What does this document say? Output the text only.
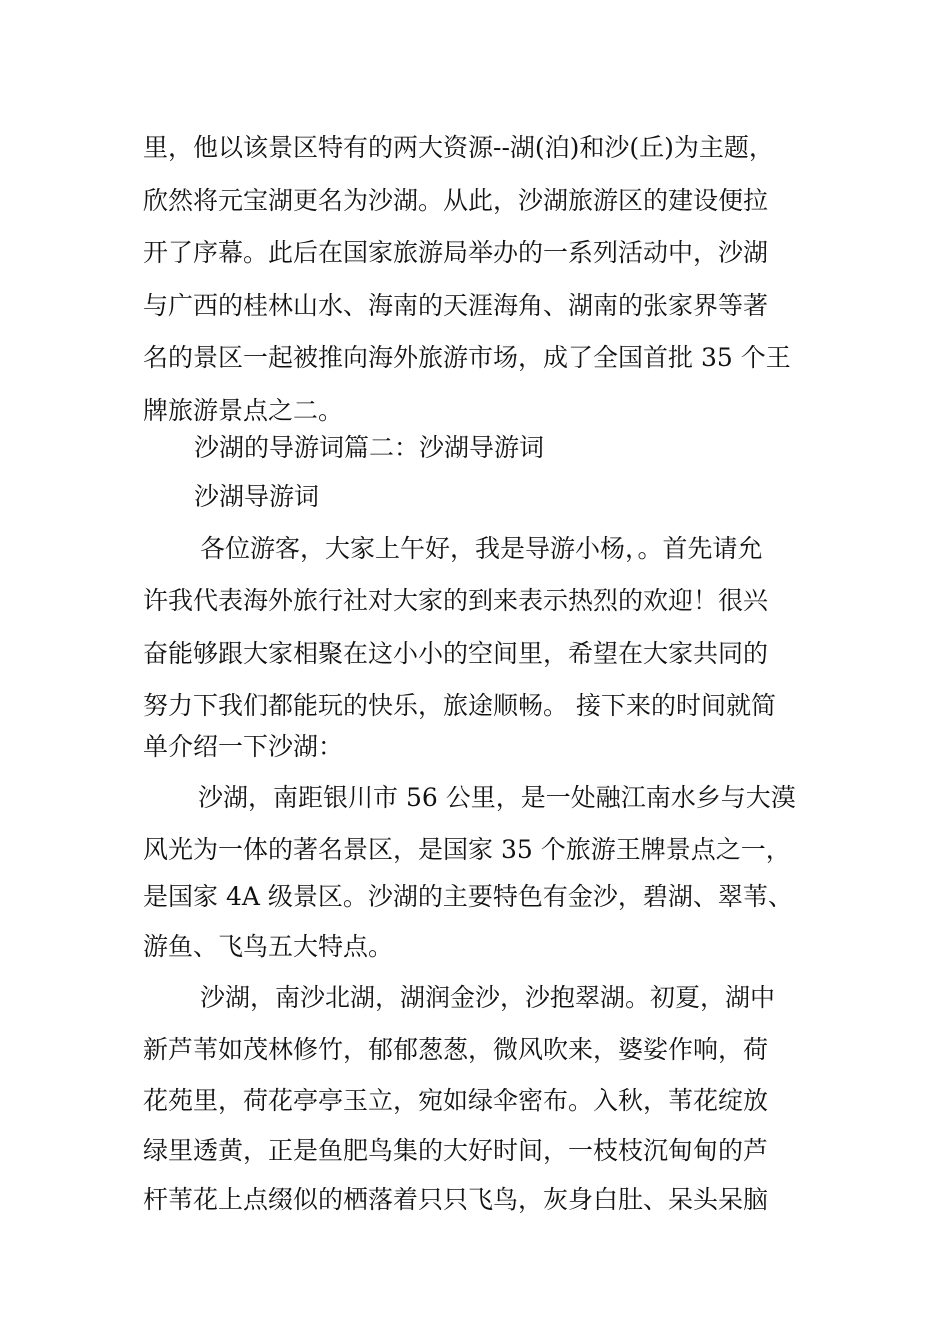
里，他以该景区特有的两大资源--湖(泊)和沙(丘)为主题，
欣然将元宝湖更名为沙湖。从此，沙湖旅游区的建设便拉
开了序幕。此后在国家旅游局举办的一系列活动中，沙湖
与广西的桂林山水、海南的天涯海角、湖南的张家界等著
名的景区一起被推向海外旅游市场，成了全国首批 35 个王
牌旅游景点之二。
沙湖的导游词篇二：沙湖导游词
沙湖导游词
各位游客，大家上午好，我是导游小杨，。首先请允
许我代表海外旅行社对大家的到来表示热烈的欢迎！很兴
奋能够跟大家相聚在这小小的空间里，希望在大家共同的
努力下我们都能玩的快乐，旅途顺畅。 接下来的时间就简
单介绍一下沙湖：
沙湖，南距银川市 56 公里，是一处融江南水乡与大漠
风光为一体的著名景区，是国家 35 个旅游王牌景点之一，
是国家 4A 级景区。沙湖的主要特色有金沙，碧湖、翠苇、
游鱼、飞鸟五大特点。
沙湖，南沙北湖，湖润金沙，沙抱翠湖。初夏，湖中
新芦苇如茂林修竹，郁郁葱葱，微风吹来，婆娑作响，荷
花苑里，荷花亭亭玉立，宛如绿伞密布。入秋，苇花绽放
绿里透黄，正是鱼肥鸟集的大好时间，一枝枝沉甸甸的芦
杆苇花上点缀似的栖落着只只飞鸟，灰身白肚、呆头呆脑
